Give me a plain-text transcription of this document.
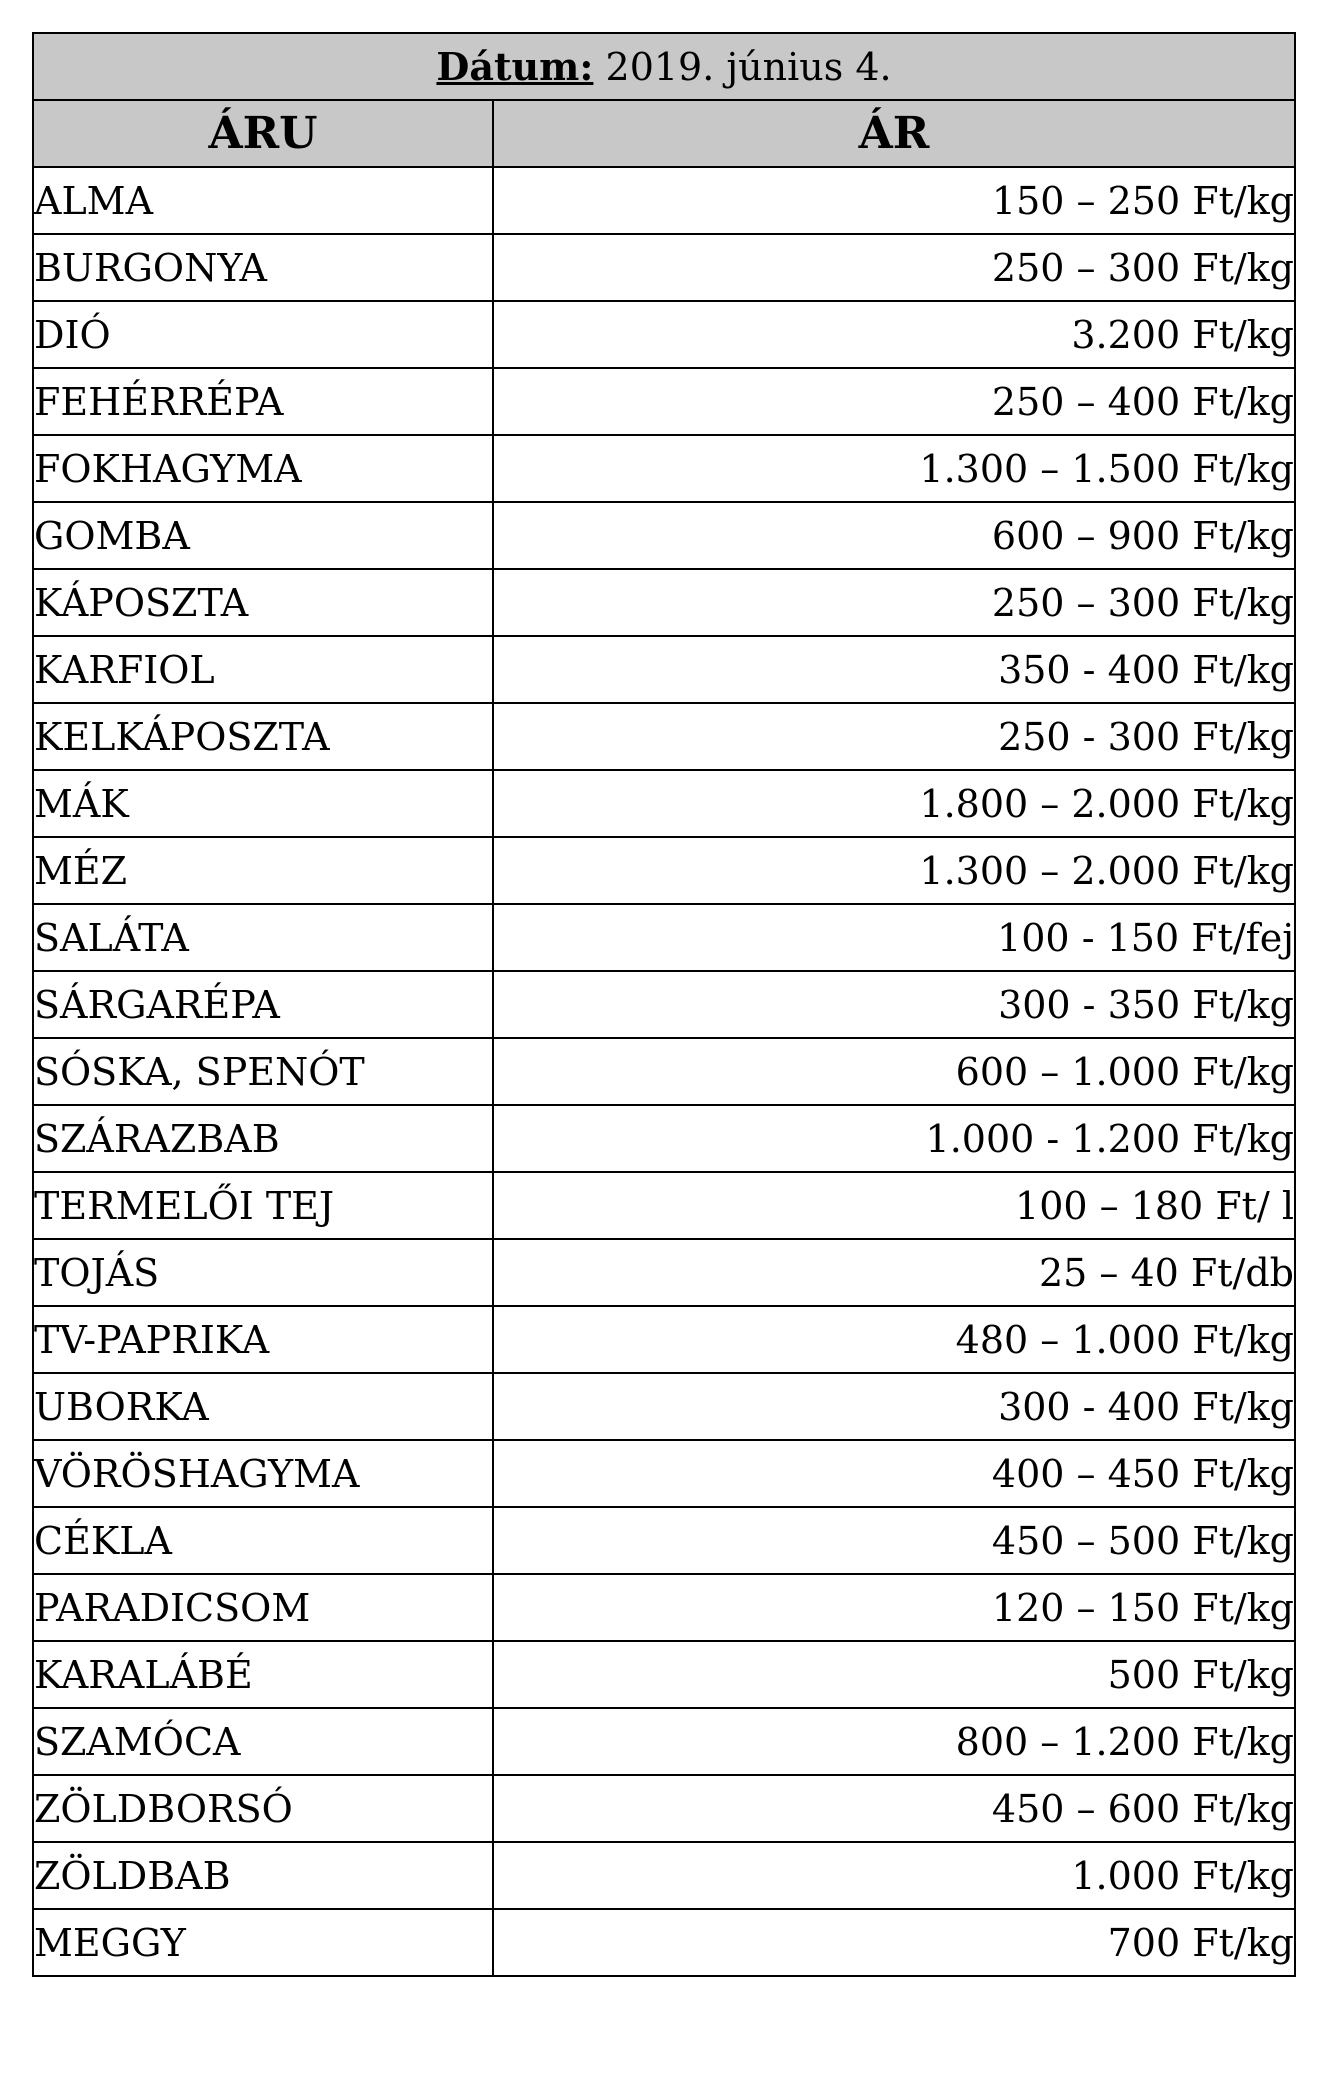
Dátum: 2019. június 4.	
ÁRU	ÁR
ALMA	150 – 250 Ft/kg
BURGONYA	250 – 300 Ft/kg
DIÓ	3.200 Ft/kg
FEHÉRRÉPA	250 – 400 Ft/kg
FOKHAGYMA	1.300 – 1.500 Ft/kg
GOMBA	600 – 900 Ft/kg
KÁPOSZTA	250 – 300 Ft/kg
KARFIOL	350 - 400 Ft/kg
KELKÁPOSZTA	250 - 300 Ft/kg
MÁK	1.800 – 2.000 Ft/kg
MÉZ	1.300 – 2.000 Ft/kg
SALÁTA	100 - 150 Ft/fej
SÁRGARÉPA	300 - 350 Ft/kg
SÓSKA, SPENÓT	600 – 1.000 Ft/kg
SZÁRAZBAB	1.000 - 1.200 Ft/kg
TERMELŐI TEJ	100 – 180 Ft/ l
TOJÁS	25 – 40 Ft/db
TV-PAPRIKA	480 – 1.000 Ft/kg
UBORKA	300 - 400 Ft/kg
VÖRÖSHAGYMA	400 – 450 Ft/kg
CÉKLA	450 – 500 Ft/kg
PARADICSOM	120 – 150 Ft/kg
KARALÁBÉ	500 Ft/kg
SZAMÓCA	800 – 1.200 Ft/kg
ZÖLDBORSÓ	450 – 600 Ft/kg
ZÖLDBAB	1.000 Ft/kg
MEGGY	700 Ft/kg
